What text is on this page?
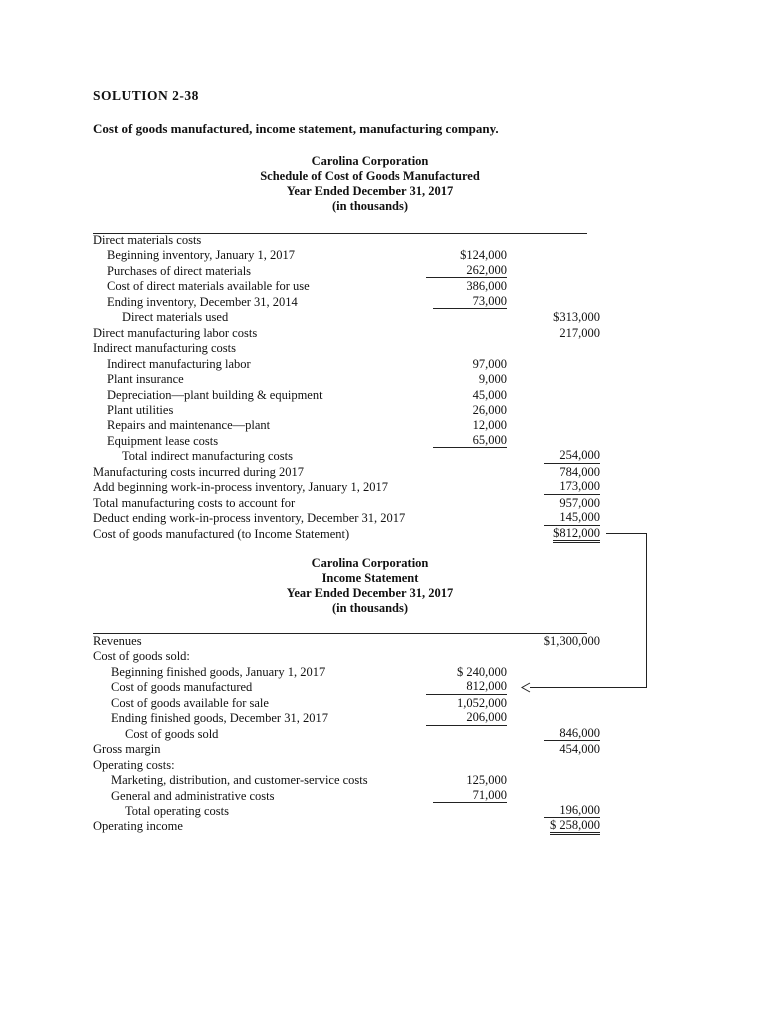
SOLUTION 2-38
Cost of goods manufactured, income statement, manufacturing company.
Carolina Corporation
Schedule of Cost of Goods Manufactured
Year Ended December 31, 2017
(in thousands)
Direct materials costs
Beginning inventory, January 1, 2017	$124,000
Purchases of direct materials	262,000
Cost of direct materials available for use	386,000
Ending inventory, December 31, 2014	73,000
Direct materials used	$313,000
Direct manufacturing labor costs	217,000
Indirect manufacturing costs
Indirect manufacturing labor	97,000
Plant insurance	9,000
Depreciation—plant building & equipment	45,000
Plant utilities	26,000
Repairs and maintenance—plant	12,000
Equipment lease costs	65,000
Total indirect manufacturing costs	254,000
Manufacturing costs incurred during 2017	784,000
Add beginning work-in-process inventory, January 1, 2017	173,000
Total manufacturing costs to account for	957,000
Deduct ending work-in-process inventory, December 31, 2017	145,000
Cost of goods manufactured (to Income Statement)	$812,000
Carolina Corporation
Income Statement
Year Ended December 31, 2017
(in thousands)
Revenues	$1,300,000
Cost of goods sold:
Beginning finished goods, January 1, 2017	$ 240,000
Cost of goods manufactured	812,000
Cost of goods available for sale	1,052,000
Ending finished goods, December 31, 2017	206,000
Cost of goods sold	846,000
Gross margin	454,000
Operating costs:
Marketing, distribution, and customer-service costs	125,000
General and administrative costs	71,000
Total operating costs	196,000
Operating income	$ 258,000
